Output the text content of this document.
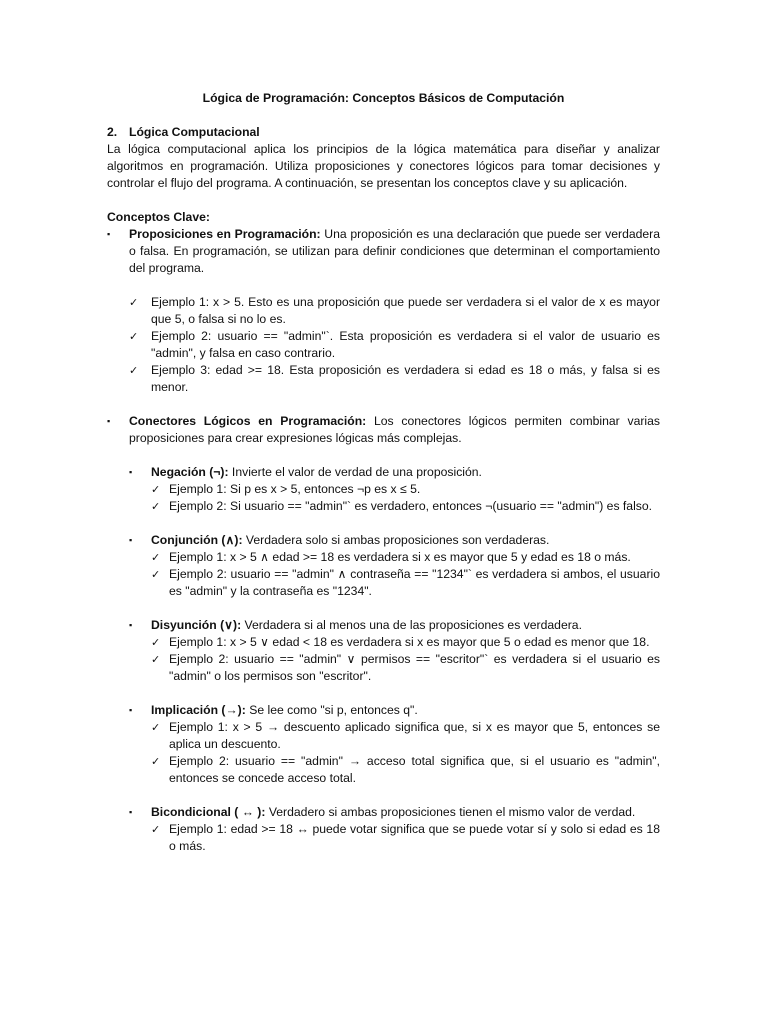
Lógica de Programación: Conceptos Básicos de Computación

2. Lógica Computacional

La lógica computacional aplica los principios de la lógica matemática para diseñar y analizar algoritmos en programación. Utiliza proposiciones y conectores lógicos para tomar decisiones y controlar el flujo del programa. A continuación, se presentan los conceptos clave y su aplicación.

Conceptos Clave:

▪	Proposiciones en Programación: Una proposición es una declaración que puede ser verdadera o falsa. En programación, se utilizan para definir condiciones que determinan el comportamiento del programa.
✓	Ejemplo 1: x > 5. Esto es una proposición que puede ser verdadera si el valor de x es mayor que 5, o falsa si no lo es.
✓	Ejemplo 2: usuario == "admin"`. Esta proposición es verdadera si el valor de usuario es "admin", y falsa en caso contrario.
✓	Ejemplo 3: edad >= 18. Esta proposición es verdadera si edad es 18 o más, y falsa si es menor.
▪	Conectores Lógicos en Programación: Los conectores lógicos permiten combinar varias proposiciones para crear expresiones lógicas más complejas.
▪	Negación (¬): Invierte el valor de verdad de una proposición.
✓ Ejemplo 1: Si p es x > 5, entonces ¬p es x ≤ 5.
✓ Ejemplo 2: Si usuario == "admin"` es verdadero, entonces ¬(usuario == "admin") es falso.
▪	Conjunción (∧): Verdadera solo si ambas proposiciones son verdaderas.
✓ Ejemplo 1: x > 5 ∧ edad >= 18 es verdadera si x es mayor que 5 y edad es 18 o más.
✓ Ejemplo 2: usuario == "admin" ∧ contraseña == "1234"` es verdadera si ambos, el usuario es "admin" y la contraseña es "1234".
▪	Disyunción (∨): Verdadera si al menos una de las proposiciones es verdadera.
✓ Ejemplo 1: x > 5 ∨ edad < 18 es verdadera si x es mayor que 5 o edad es menor que 18.
✓ Ejemplo 2: usuario == "admin" ∨ permisos == "escritor"` es verdadera si el usuario es "admin" o los permisos son "escritor".
▪	Implicación (→): Se lee como "si p, entonces q".
✓ Ejemplo 1: x > 5 → descuento aplicado significa que, si x es mayor que 5, entonces se aplica un descuento.
✓ Ejemplo 2: usuario == "admin" → acceso total significa que, si el usuario es "admin", entonces se concede acceso total.
▪	Bicondicional ( ↔ ): Verdadero si ambas proposiciones tienen el mismo valor de verdad.
✓ Ejemplo 1: edad >= 18 ↔ puede votar significa que se puede votar sí y solo si edad es 18 o más.
